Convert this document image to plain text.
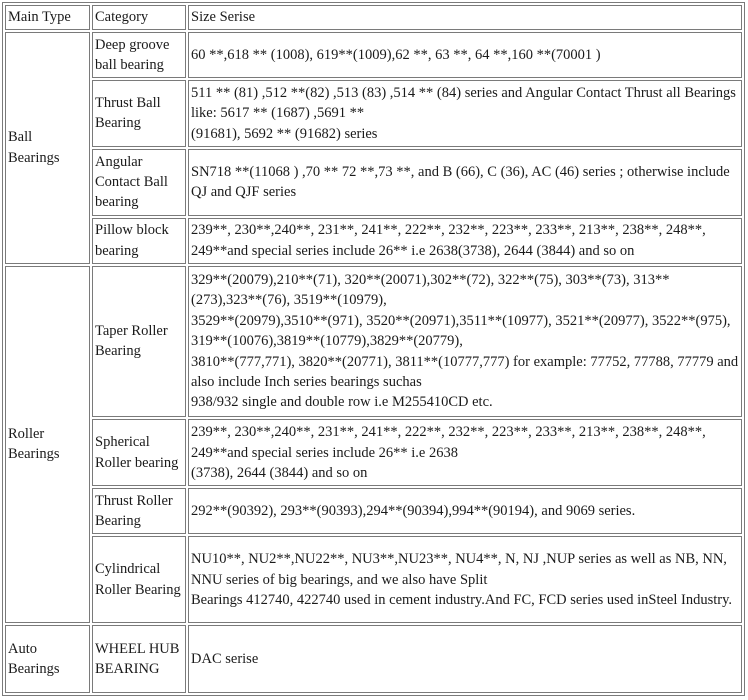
Main Type	Category	Size Serise
Ball Bearings	Deep groove ball bearing	60 **,618 ** (1008), 619**(1009),62 **, 63 **, 64 **,160 **(70001 )
	Thrust Ball Bearing	511 ** (81) ,512 **(82) ,513 (83) ,514 ** (84) series and Angular Contact Thrust all Bearings like: 5617 ** (1687) ,5691 **
(91681), 5692 ** (91682) series
	Angular Contact Ball bearing	SN718 **(11068 ) ,70 ** 72 **,73 **, and B (66), C (36), AC (46) series ; otherwise include QJ and QJF series
	Pillow block bearing	239**, 230**,240**, 231**, 241**, 222**, 232**, 223**, 233**, 213**, 238**, 248**, 249**and special series include 26** i.e 2638(3738), 2644 (3844) and so on
Roller Bearings	Taper Roller Bearing	329**(20079),210**(71), 320**(20071),302**(72), 322**(75), 303**(73), 313**(273),323**(76), 3519**(10979),
3529**(20979),3510**(971), 3520**(20971),3511**(10977), 3521**(20977), 3522**(975), 319**(10076),3819**(10779),3829**(20779),
3810**(777,771), 3820**(20771), 3811**(10777,777) for example: 77752, 77788, 77779 and also include Inch series bearings suchas
938/932 single and double row i.e M255410CD etc.
	Spherical Roller bearing	239**, 230**,240**, 231**, 241**, 222**, 232**, 223**, 233**, 213**, 238**, 248**, 249**and special series include 26** i.e 2638
(3738), 2644 (3844) and so on
	Thrust Roller Bearing	292**(90392), 293**(90393),294**(90394),994**(90194), and 9069 series.
	Cylindrical Roller Bearing	NU10**, NU2**,NU22**, NU3**,NU23**, NU4**, N, NJ ,NUP series as well as NB, NN, NNU series of big bearings, and we also have Split
Bearings 412740, 422740 used in cement industry.And FC, FCD series used inSteel Industry.
Auto Bearings	WHEEL HUB BEARING	DAC serise
